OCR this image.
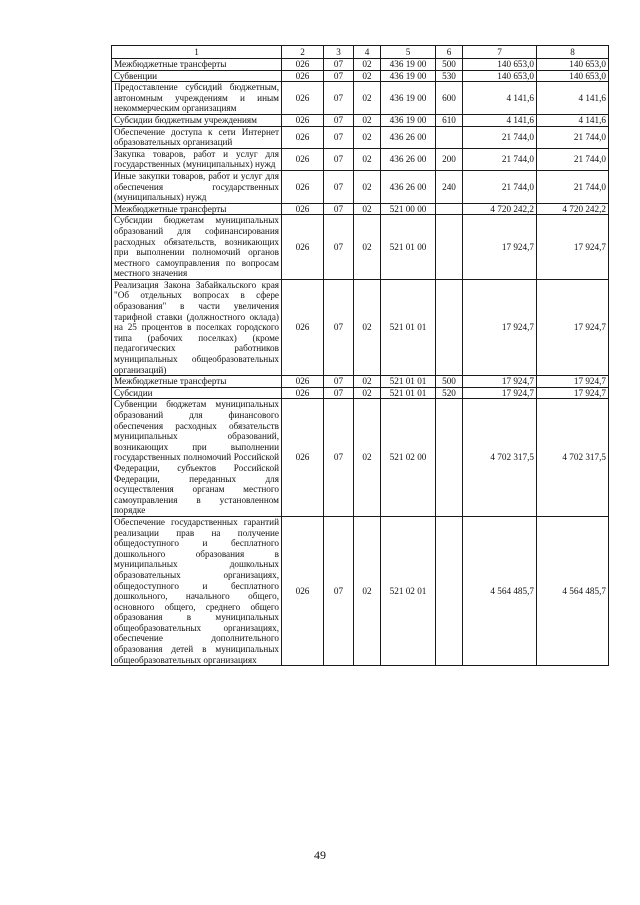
1	2	3	4	5	6	7	8
Межбюджетные трансферты	026	07	02	436 19 00	500	140 653,0	140 653,0
Субвенции	026	07	02	436 19 00	530	140 653,0	140 653,0
Предоставление субсидий бюджетным, автономным учреждениям и иным некоммерческим организациям	026	07	02	436 19 00	600	4 141,6	4 141,6
Субсидии бюджетным учреждениям	026	07	02	436 19 00	610	4 141,6	4 141,6
Обеспечение доступа к сети Интернет образовательных организаций	026	07	02	436 26 00		21 744,0	21 744,0
Закупка товаров, работ и услуг для государственных (муниципальных) нужд	026	07	02	436 26 00	200	21 744,0	21 744,0
Иные закупки товаров, работ и услуг для обеспечения государственных (муниципальных) нужд	026	07	02	436 26 00	240	21 744,0	21 744,0
Межбюджетные трансферты	026	07	02	521 00 00		4 720 242,2	4 720 242,2
Субсидии бюджетам муниципальных образований для софинансирования расходных обязательств, возникающих при выполнении полномочий органов местного самоуправления по вопросам местного значения	026	07	02	521 01 00		17 924,7	17 924,7
Реализация Закона Забайкальского края "Об отдельных вопросах в сфере образования" в части увеличения тарифной ставки (должностного оклада) на 25 процентов в поселках городского типа (рабочих поселках) (кроме педагогических работников муниципальных общеобразовательных организаций)	026	07	02	521 01 01		17 924,7	17 924,7
Межбюджетные трансферты	026	07	02	521 01 01	500	17 924,7	17 924,7
Субсидии	026	07	02	521 01 01	520	17 924,7	17 924,7
Субвенции бюджетам муниципальных образований для финансового обеспечения расходных обязательств муниципальных образований, возникающих при выполнении государственных полномочий Российской Федерации, субъектов Российской Федерации, переданных для осуществления органам местного самоуправления в установленном порядке	026	07	02	521 02 00		4 702 317,5	4 702 317,5
Обеспечение государственных гарантий реализации прав на получение общедоступного и бесплатного дошкольного образования в муниципальных дошкольных образовательных организациях, общедоступного и бесплатного дошкольного, начального общего, основного общего, среднего общего образования в муниципальных общеобразовательных организациях, обеспечение дополнительного образования детей в муниципальных общеобразовательных организациях	026	07	02	521 02 01		4 564 485,7	4 564 485,7
49
